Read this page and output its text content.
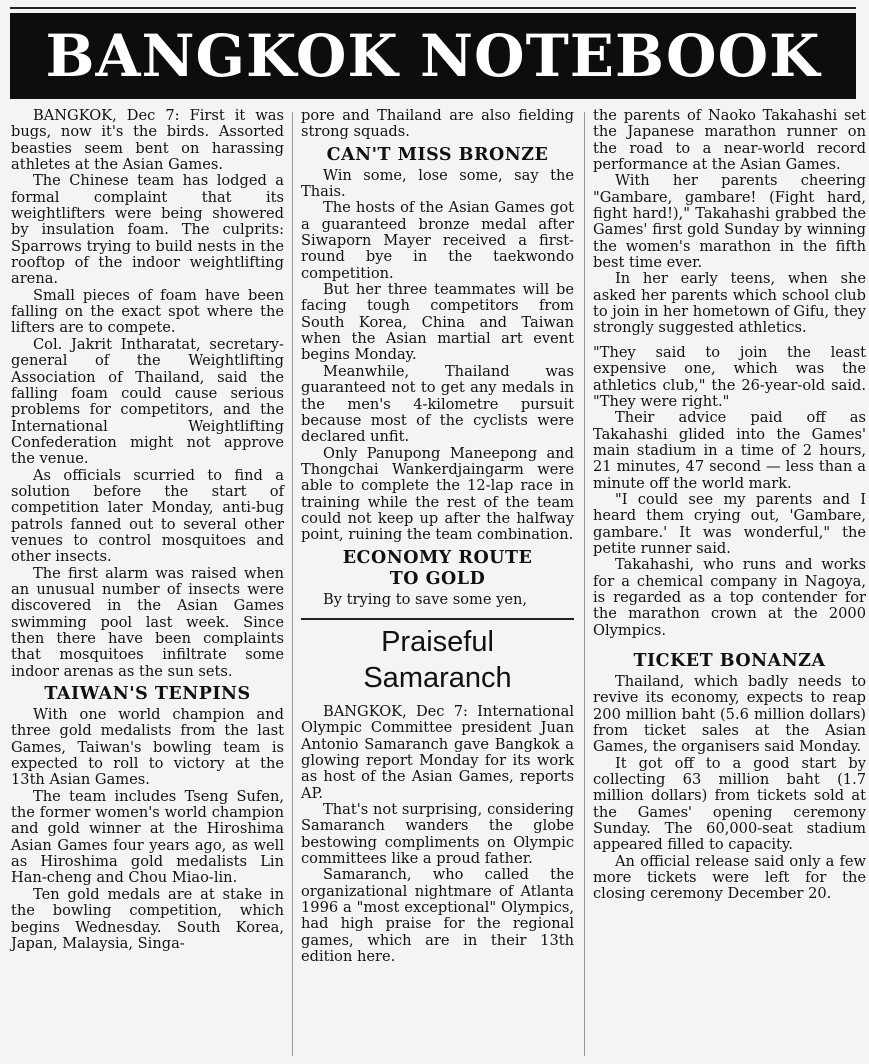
BANGKOK NOTEBOOK

BANGKOK, Dec 7: First it was bugs, now it's the birds. Assorted beasties seem bent on harassing athletes at the Asian Games.

The Chinese team has lodged a formal complaint that its weightlifters were being showered by insulation foam. The culprits: Sparrows trying to build nests in the rooftop of the indoor weightlifting arena.

Small pieces of foam have been falling on the exact spot where the lifters are to compete.

Col. Jakrit Intharatat, secretary-general of the Weightlifting Association of Thailand, said the falling foam could cause serious problems for competitors, and the International Weightlifting Confederation might not approve the venue.

As officials scurried to find a solution before the start of competition later Monday, anti-bug patrols fanned out to several other venues to control mosquitoes and other insects.

The first alarm was raised when an unusual number of insects were discovered in the Asian Games swimming pool last week. Since then there have been complaints that mosquitoes infiltrate some indoor arenas as the sun sets.

TAIWAN'S TENPINS

With one world champion and three gold medalists from the last Games, Taiwan's bowling team is expected to roll to victory at the 13th Asian Games.

The team includes Tseng Sufen, the former women's world champion and gold winner at the Hiroshima Asian Games four years ago, as well as Hiroshima gold medalists Lin Han-cheng and Chou Miao-lin.

Ten gold medals are at stake in the bowling competition, which begins Wednesday. South Korea, Japan, Malaysia, Singa-

pore and Thailand are also fielding strong squads.

CAN'T MISS BRONZE

Win some, lose some, say the Thais.

The hosts of the Asian Games got a guaranteed bronze medal after Siwaporn Mayer received a first-round bye in the taekwondo competition.

But her three teammates will be facing tough competitors from South Korea, China and Taiwan when the Asian martial art event begins Monday.

Meanwhile, Thailand was guaranteed not to get any medals in the men's 4-kilometre pursuit because most of the cyclists were declared unfit.

Only Panupong Maneepong and Thongchai Wankerdjaingarm were able to complete the 12-lap race in training while the rest of the team could not keep up after the halfway point, ruining the team combination.

ECONOMY ROUTE
TO GOLD

By trying to save some yen,

Praiseful
Samaranch

BANGKOK, Dec 7: International Olympic Committee president Juan Antonio Samaranch gave Bangkok a glowing report Monday for its work as host of the Asian Games, reports AP.

That's not surprising, considering Samaranch wanders the globe bestowing compliments on Olympic committees like a proud father.

Samaranch, who called the organizational nightmare of Atlanta 1996 a "most exceptional" Olympics, had high praise for the regional games, which are in their 13th edition here.

the parents of Naoko Takahashi set the Japanese marathon runner on the road to a near-world record performance at the Asian Games.

With her parents cheering "Gambare, gambare! (Fight hard, fight hard!)," Takahashi grabbed the Games' first gold Sunday by winning the women's marathon in the fifth best time ever.

In her early teens, when she asked her parents which school club to join in her hometown of Gifu, they strongly suggested athletics.

"They said to join the least expensive one, which was the athletics club," the 26-year-old said. "They were right."

Their advice paid off as Takahashi glided into the Games' main stadium in a time of 2 hours, 21 minutes, 47 second — less than a minute off the world mark.

"I could see my parents and I heard them crying out, 'Gambare, gambare.' It was wonderful," the petite runner said.

Takahashi, who runs and works for a chemical company in Nagoya, is regarded as a top contender for the marathon crown at the 2000 Olympics.

TICKET BONANZA

Thailand, which badly needs to revive its economy, expects to reap 200 million baht (5.6 million dollars) from ticket sales at the Asian Games, the organisers said Monday.

It got off to a good start by collecting 63 million baht (1.7 million dollars) from tickets sold at the Games' opening ceremony Sunday. The 60,000-seat stadium appeared filled to capacity.

An official release said only a few more tickets were left for the closing ceremony December 20.
